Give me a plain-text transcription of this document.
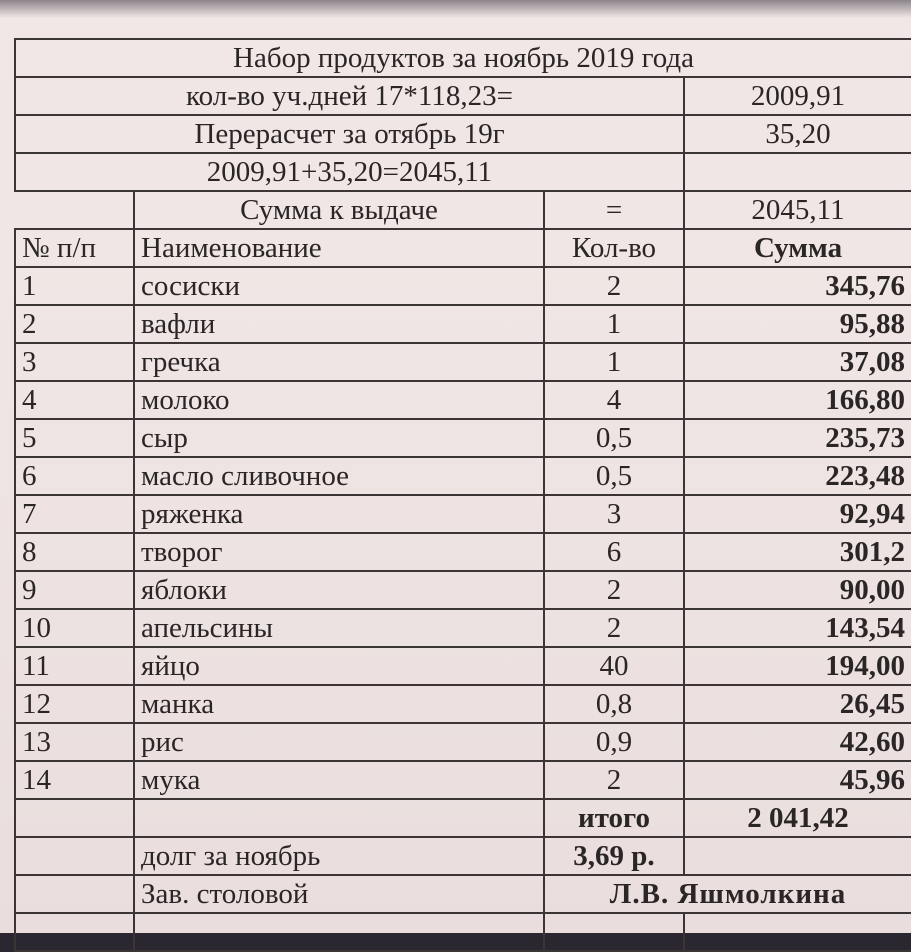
Набор продуктов за ноябрь 2019 года			
кол-во уч.дней 17*118,23=			2009,91
Перерасчет за отябрь 19г			35,20
2009,91+35,20=2045,11			
	Сумма к выдаче	=	2045,11
№ п/п	Наименование	Кол-во	Сумма
1	сосиски	2	345,76
2	вафли	1	95,88
3	гречка	1	37,08
4	молоко	4	166,80
5	сыр	0,5	235,73
6	масло сливочное	0,5	223,48
7	ряженка	3	92,94
8	творог	6	301,2
9	яблоки	2	90,00
10	апельсины	2	143,54
11	яйцо	40	194,00
12	манка	0,8	26,45
13	рис	0,9	42,60
14	мука	2	45,96
		итого	2 041,42
	долг за ноябрь	3,69 р.	
	Зав. столовой	Л.В. Яшмолкина	
